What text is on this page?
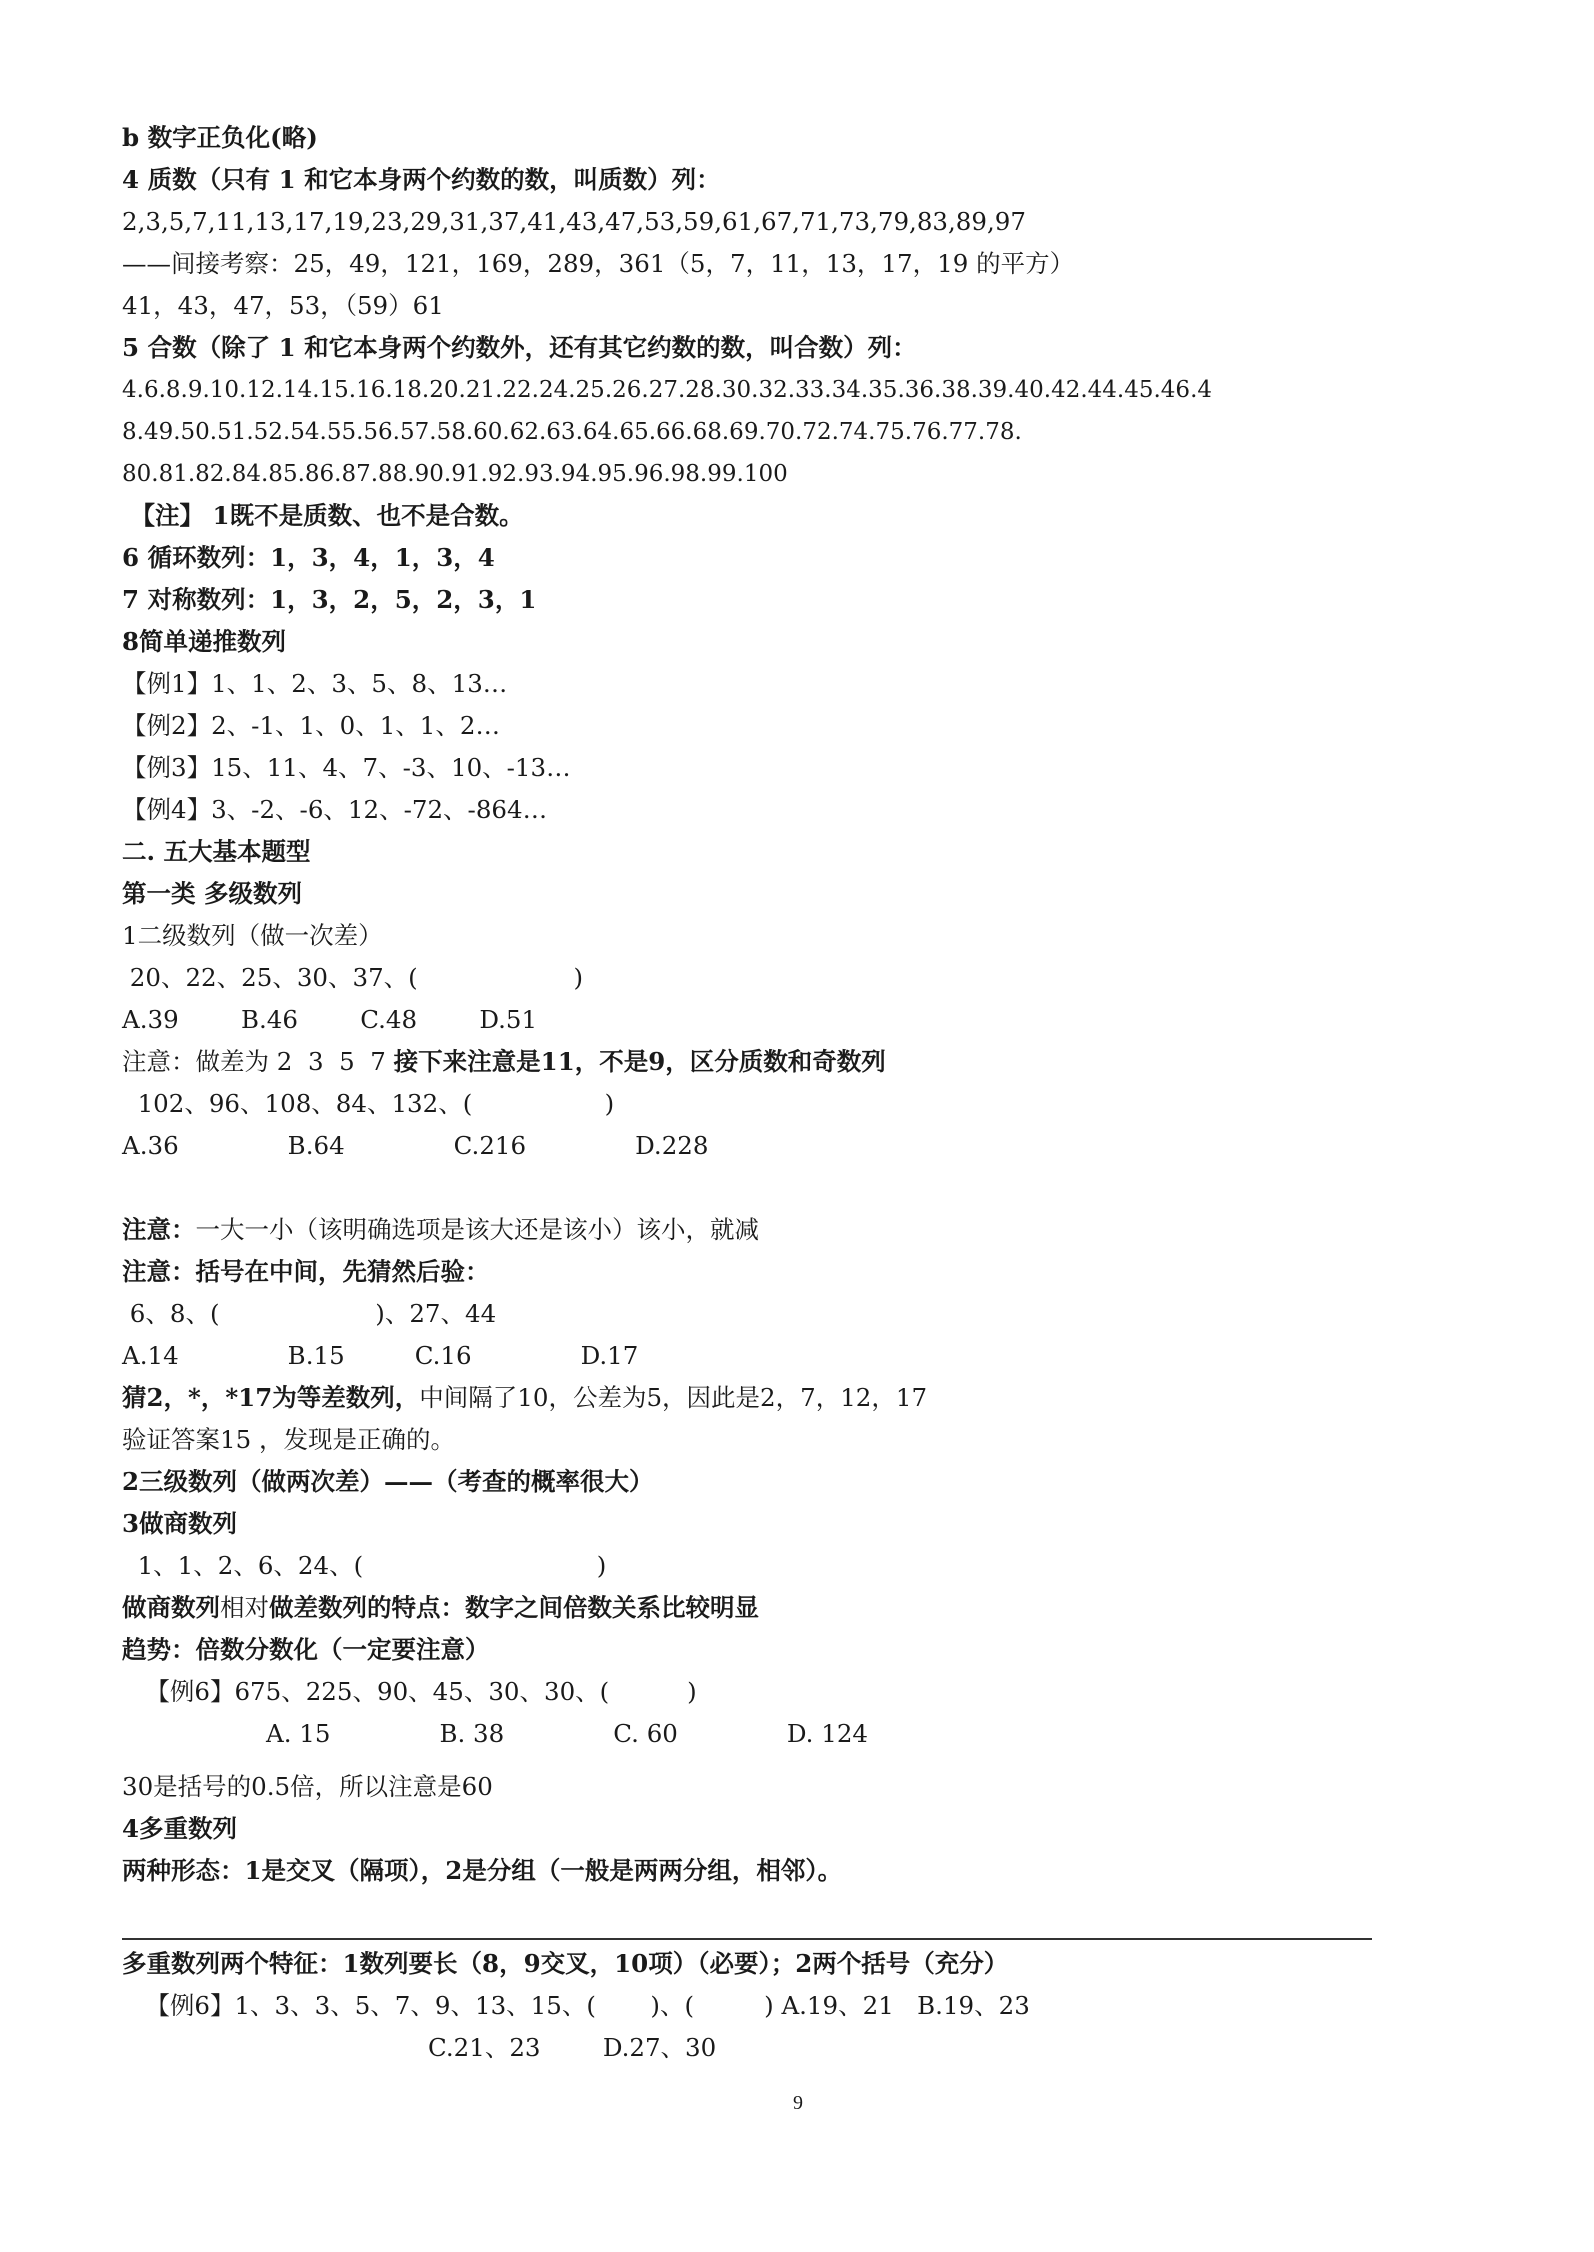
b 数字正负化(略)
4 质数（只有 1 和它本身两个约数的数，叫质数）列：
2,3,5,7,11,13,17,19,23,29,31,37,41,43,47,53,59,61,67,71,73,79,83,89,97
——间接考察：25，49，121，169，289，361（5，7，11，13，17，19 的平方）
41，43，47，53，（59）61
5 合数（除了 1 和它本身两个约数外，还有其它约数的数，叫合数）列：
4.6.8.9.10.12.14.15.16.18.20.21.22.24.25.26.27.28.30.32.33.34.35.36.38.39.40.42.44.45.46.4
8.49.50.51.52.54.55.56.57.58.60.62.63.64.65.66.68.69.70.72.74.75.76.77.78.
80.81.82.84.85.86.87.88.90.91.92.93.94.95.96.98.99.100
【注】 1既不是质数、也不是合数。
6 循环数列：1，3，4，1，3，4
7 对称数列：1，3，2，5，2，3，1
8简单递推数列
【例1】1、1、2、3、5、8、13…
【例2】2、-1、1、0、1、1、2…
【例3】15、11、4、7、-3、10、-13…
【例4】3、-2、-6、12、-72、-864…
二. 五大基本题型
第一类 多级数列
1二级数列（做一次差）
20、22、25、30、37、(                    )
A.39        B.46        C.48        D.51
注意：做差为 2  3  5  7 接下来注意是11，不是9，区分质数和奇数列
102、96、108、84、132、(                 )
A.36              B.64              C.216              D.228
注意：一大一小（该明确选项是该大还是该小）该小，就减
注意：括号在中间，先猜然后验：
6、8、(                    )、27、44
A.14              B.15         C.16              D.17
猜2，*，*17为等差数列，中间隔了10，公差为5，因此是2，7，12，17
验证答案15 ，发现是正确的。
2三级数列（做两次差）——（考查的概率很大）
3做商数列
1、1、2、6、24、(                              )
做商数列相对做差数列的特点：数字之间倍数关系比较明显
趋势：倍数分数化（一定要注意）
【例6】675、225、90、45、30、30、(          )
A. 15              B. 38              C. 60              D. 124
30是括号的0.5倍，所以注意是60
4多重数列
两种形态：1是交叉（隔项），2是分组（一般是两两分组，相邻）。
多重数列两个特征：1数列要长（8，9交叉，10项）（必要）；2两个括号（充分）
【例6】1、3、3、5、7、9、13、15、(       )、(         ) A.19、21   B.19、23
C.21、23        D.27、30
9
